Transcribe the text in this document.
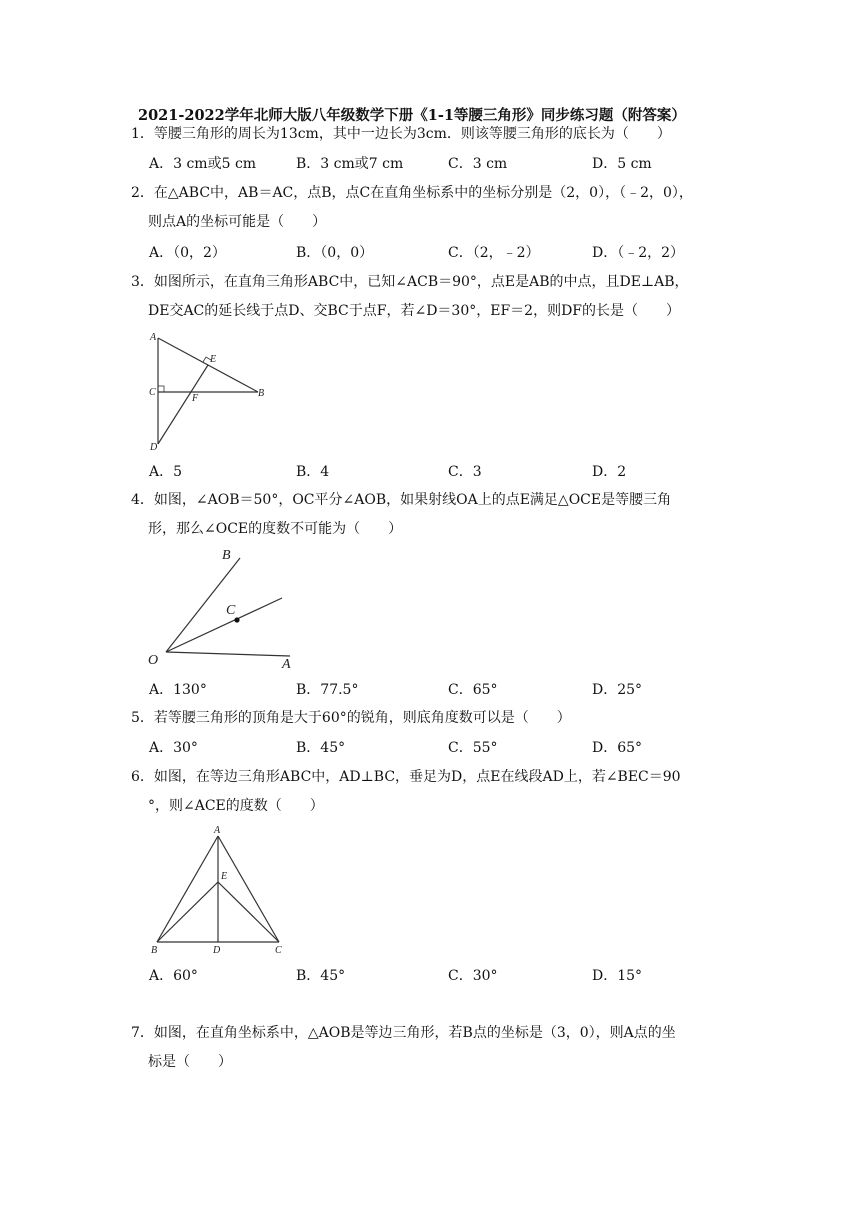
2021-2022学年北师大版八年级数学下册《1-1等腰三角形》同步练习题（附答案）
1．等腰三角形的周长为13cm，其中一边长为3cm．则该等腰三角形的底长为（　　）
A．3 cm或5 cm	B．3 cm或7 cm	C．3 cm	D．5 cm
2．在△ABC中，AB＝AC，点B，点C在直角坐标系中的坐标分别是（2，0），（﹣2，0），
则点A的坐标可能是（　　）
A．（0，2）	B．（0，0）	C．（2，﹣2）	D．（﹣2，2）
3．如图所示，在直角三角形ABC中，已知∠ACB＝90°，点E是AB的中点，且DE⊥AB，
DE交AC的延长线于点D、交BC于点F，若∠D＝30°，EF＝2，则DF的长是（　　）
A
E
C
F	B
D
A．5	B．4	C．3	D．2
4．如图，∠AOB＝50°，OC平分∠AOB，如果射线OA上的点E满足△OCE是等腰三角
形，那么∠OCE的度数不可能为（　　）
B
C
O	A
A．130°	B．77.5°	C．65°	D．25°
5．若等腰三角形的顶角是大于60°的锐角，则底角度数可以是（　　）
A．30°	B．45°	C．55°	D．65°
6．如图，在等边三角形ABC中，AD⊥BC，垂足为D，点E在线段AD上，若∠BEC＝90
°，则∠ACE的度数（　　）
A
E
B	D	C
A．60°	B．45°	C．30°	D．15°
7．如图，在直角坐标系中，△AOB是等边三角形，若B点的坐标是（3，0），则A点的坐
标是（　　）
